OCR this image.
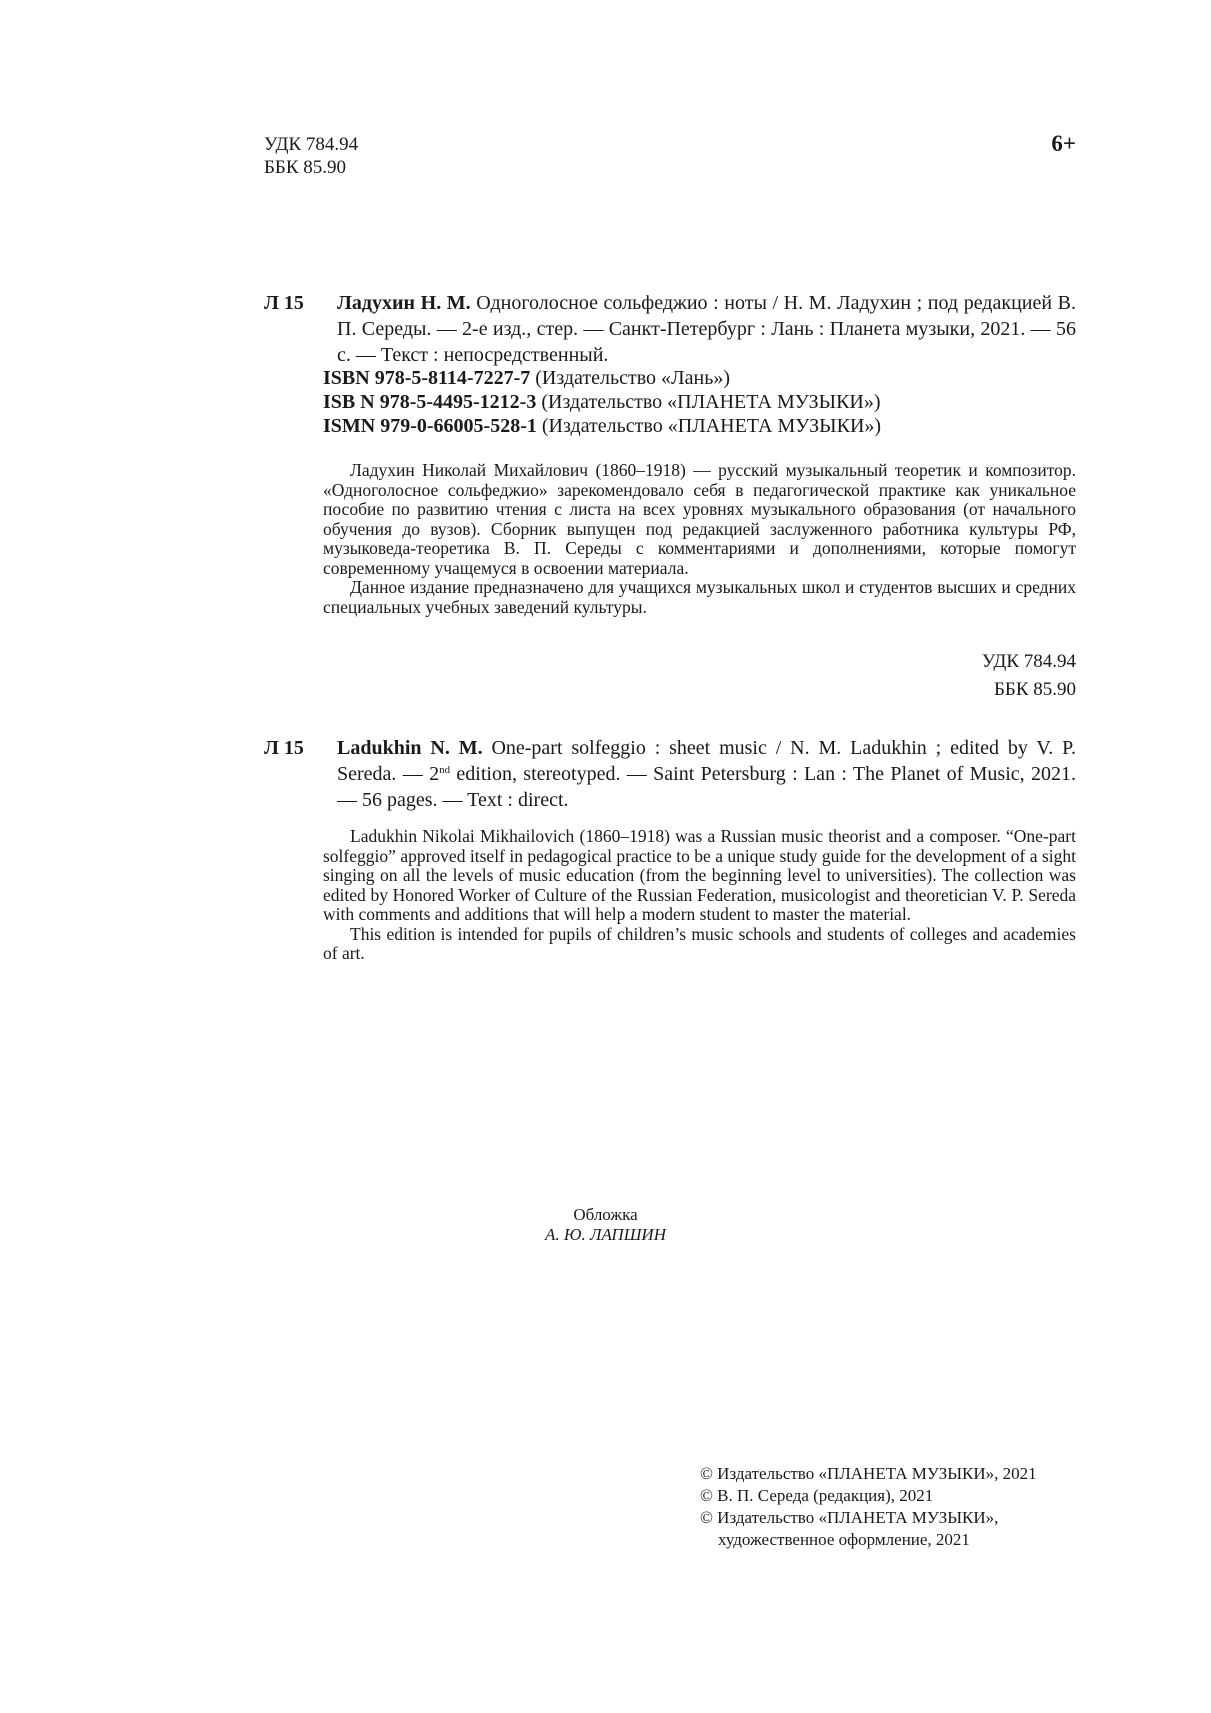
УДК 784.94
ББК 85.90
6+
Л 15 Ладухин Н. М. Одноголосное сольфеджио : ноты / Н. М. Ладухин ; под редакцией В. П. Середы. — 2-е изд., стер. — Санкт-Петербург : Лань : Планета музыки, 2021. — 56 с. — Текст : непосредственный.
ISBN 978-5-8114-7227-7 (Издательство «Лань»)
ISB N 978-5-4495-1212-3 (Издательство «ПЛАНЕТА МУЗЫКИ»)
ISMN 979-0-66005-528-1 (Издательство «ПЛАНЕТА МУЗЫКИ»)

Ладухин Николай Михайлович (1860–1918) — русский музыкальный теоретик и композитор. «Одноголосное сольфеджио» зарекомендовало себя в педагогической практике как уникальное пособие по развитию чтения с листа на всех уровнях музыкального образования (от начального обучения до вузов). Сборник выпущен под редакцией заслуженного работника культуры РФ, музыковеда-теоретика В. П. Середы с комментариями и дополнениями, которые помогут современному учащемуся в освоении материала.

Данное издание предназначено для учащихся музыкальных школ и студентов высших и средних специальных учебных заведений культуры.

УДК 784.94
ББК 85.90
Л 15 Ladukhin N. M. One-part solfeggio : sheet music / N. M. Ladukhin ; edited by V. P. Sereda. — 2nd edition, stereotyped. — Saint Petersburg : Lan : The Planet of Music, 2021. — 56 pages. — Text : direct.

Ladukhin Nikolai Mikhailovich (1860–1918) was a Russian music theorist and a composer. “One-part solfeggio” approved itself in pedagogical practice to be a unique study guide for the development of a sight singing on all the levels of music education (from the beginning level to universities). The collection was edited by Honored Worker of Culture of the Russian Federation, musicologist and theoretician V. P. Sereda with comments and additions that will help a modern student to master the material.

This edition is intended for pupils of children’s music schools and students of colleges and academies of art.

Обложка
А. Ю. ЛАПШИН
© Издательство «ПЛАНЕТА МУЗЫКИ», 2021
© В. П. Середа (редакция), 2021
© Издательство «ПЛАНЕТА МУЗЫКИ», художественное оформление, 2021
